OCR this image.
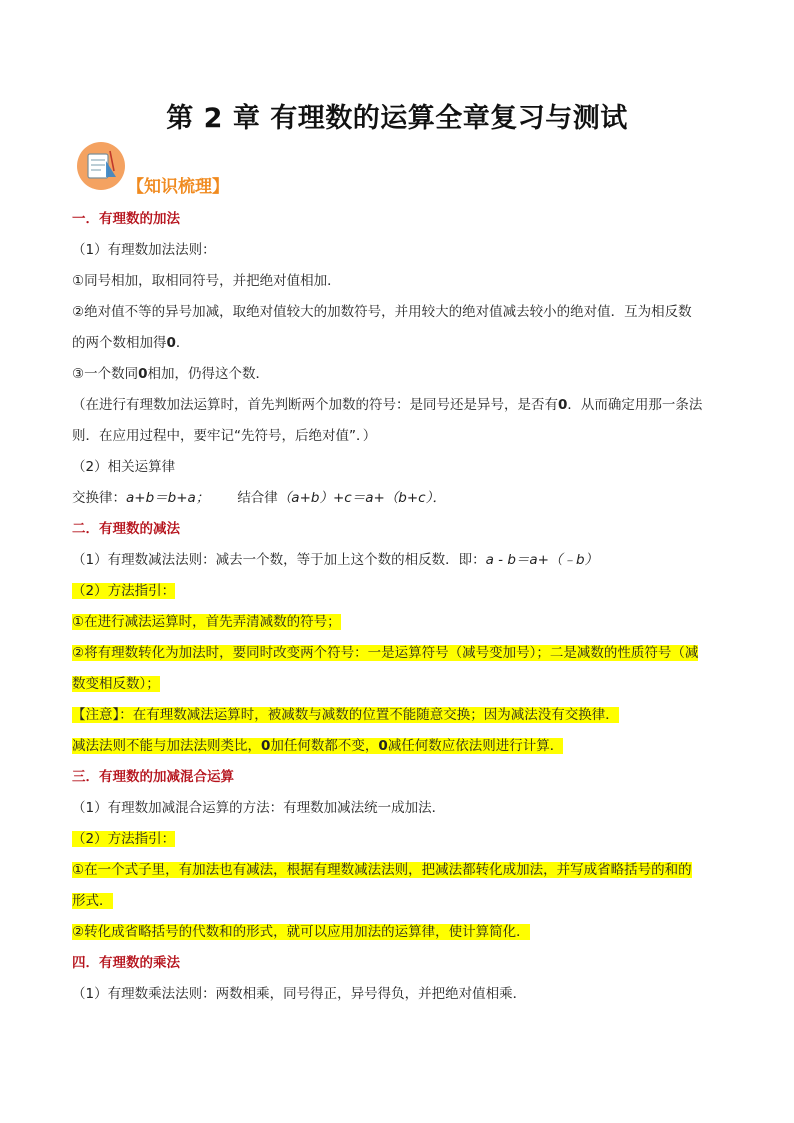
第 2 章 有理数的运算全章复习与测试
【知识梳理】
一．有理数的加法
（1）有理数加法法则：
①同号相加，取相同符号，并把绝对值相加．
②绝对值不等的异号加减，取绝对值较大的加数符号，并用较大的绝对值减去较小的绝对值．互为相反数
的两个数相加得0．
③一个数同0相加，仍得这个数．
（在进行有理数加法运算时，首先判断两个加数的符号：是同号还是异号，是否有0．从而确定用那一条法
则．在应用过程中，要牢记“先符号，后绝对值”．）
（2）相关运算律
交换律：a+b＝b+a； 结合律（a+b）+c＝a+（b+c）．
二．有理数的减法
（1）有理数减法法则：减去一个数，等于加上这个数的相反数．即：a - b＝a+（﹣b）
（2）方法指引：
①在进行减法运算时，首先弄清减数的符号；
②将有理数转化为加法时，要同时改变两个符号：一是运算符号（减号变加号）；二是减数的性质符号（减
数变相反数）；
【注意】：在有理数减法运算时，被减数与减数的位置不能随意交换；因为减法没有交换律．
减法法则不能与加法法则类比，0加任何数都不变，0减任何数应依法则进行计算．
三．有理数的加减混合运算
（1）有理数加减混合运算的方法：有理数加减法统一成加法．
（2）方法指引：
①在一个式子里，有加法也有减法，根据有理数减法法则，把减法都转化成加法，并写成省略括号的和的
形式．
②转化成省略括号的代数和的形式，就可以应用加法的运算律，使计算简化．
四．有理数的乘法
（1）有理数乘法法则：两数相乘，同号得正，异号得负，并把绝对值相乘．
